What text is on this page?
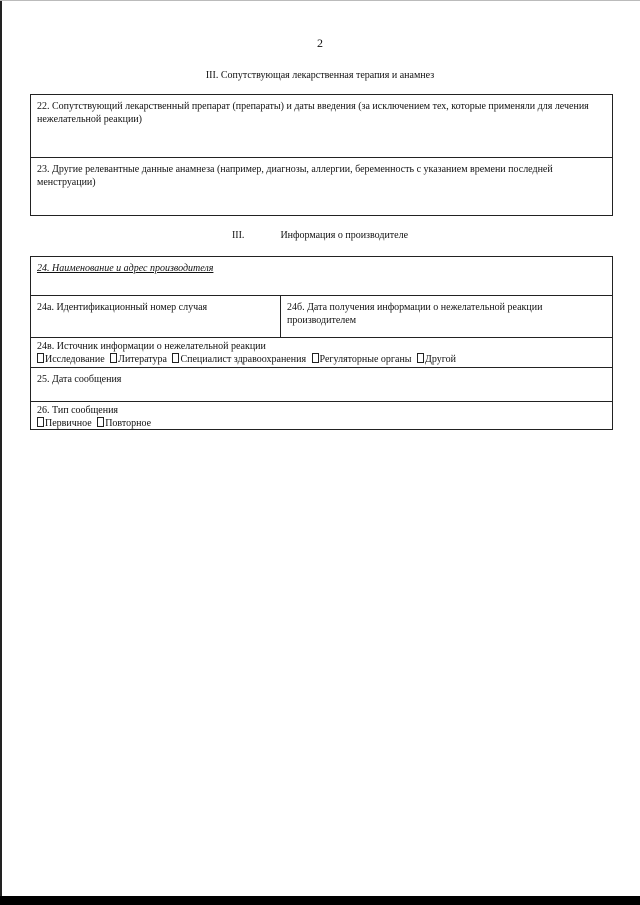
2
III. Сопутствующая лекарственная терапия и анамнез
22. Сопутствующий лекарственный препарат (препараты) и даты введения (за исключением тех, которые применяли для лечения нежелательной реакции)
23. Другие релевантные данные анамнеза (например, диагнозы, аллергии, беременность с указанием времени последней менструации)
III.	Информация о производителе
24. Наименование и адрес производителя
24а. Идентификационный номер случая	24б. Дата получения информации о нежелательной реакции производителем
24в. Источник информации о нежелательной реакции
Исследование Литература Специалист здравоохранения Регуляторные органы Другой
25. Дата сообщения
26. Тип сообщения
Первичное Повторное
